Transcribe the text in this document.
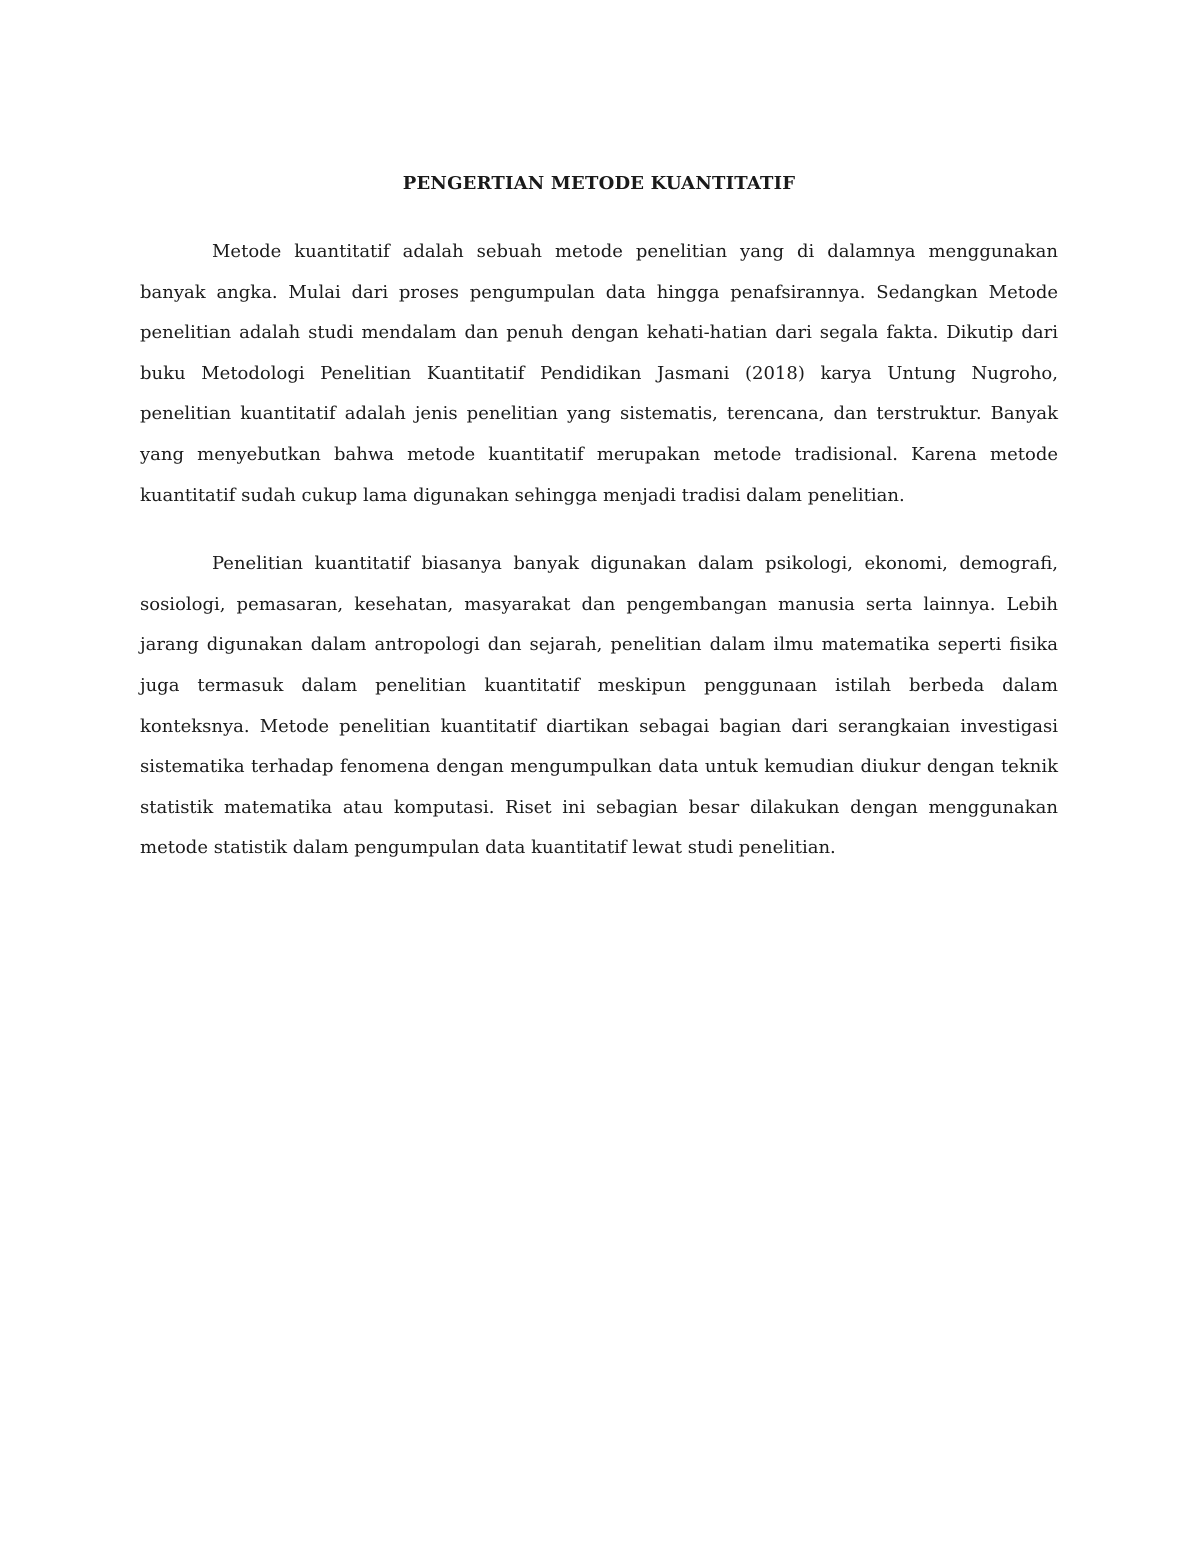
PENGERTIAN METODE KUANTITATIF

Metode kuantitatif adalah sebuah metode penelitian yang di dalamnya menggunakan banyak angka. Mulai dari proses pengumpulan data hingga penafsirannya. Sedangkan Metode penelitian adalah studi mendalam dan penuh dengan kehati-hatian dari segala fakta. Dikutip dari buku Metodologi Penelitian Kuantitatif Pendidikan Jasmani (2018) karya Untung Nugroho, penelitian kuantitatif adalah jenis penelitian yang sistematis, terencana, dan terstruktur. Banyak yang menyebutkan bahwa metode kuantitatif merupakan metode tradisional. Karena metode kuantitatif sudah cukup lama digunakan sehingga menjadi tradisi dalam penelitian.

Penelitian kuantitatif biasanya banyak digunakan dalam psikologi, ekonomi, demografi, sosiologi, pemasaran, kesehatan, masyarakat dan pengembangan manusia serta lainnya. Lebih jarang digunakan dalam antropologi dan sejarah, penelitian dalam ilmu matematika seperti fisika juga termasuk dalam penelitian kuantitatif meskipun penggunaan istilah berbeda dalam konteksnya. Metode penelitian kuantitatif diartikan sebagai bagian dari serangkaian investigasi sistematika terhadap fenomena dengan mengumpulkan data untuk kemudian diukur dengan teknik statistik matematika atau komputasi. Riset ini sebagian besar dilakukan dengan menggunakan metode statistik dalam pengumpulan data kuantitatif lewat studi penelitian.
